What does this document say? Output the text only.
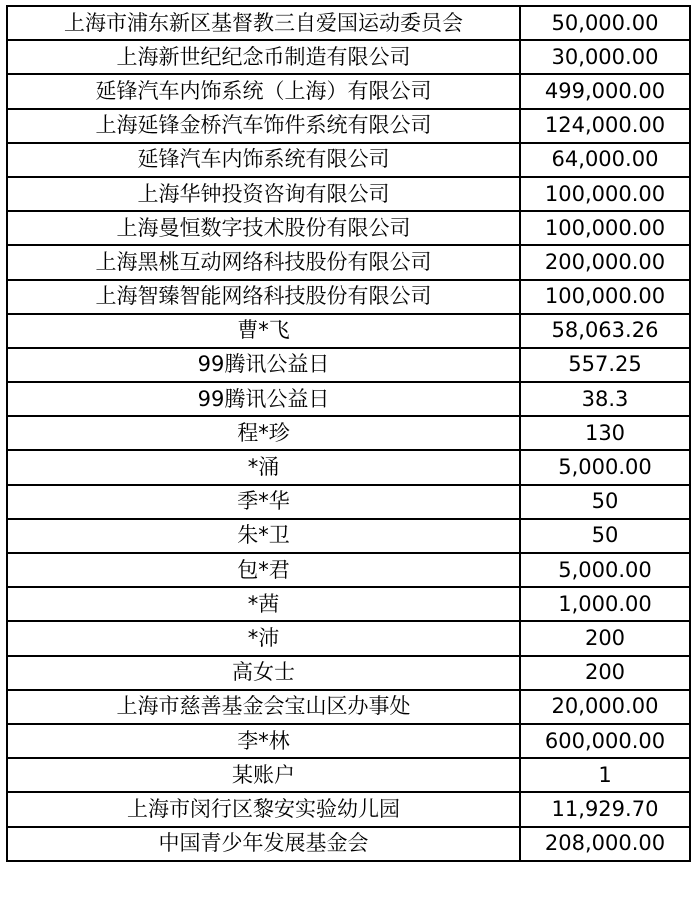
上海市浦东新区基督教三自爱国运动委员会	50,000.00
上海新世纪纪念币制造有限公司	30,000.00
延锋汽车内饰系统（上海）有限公司	499,000.00
上海延锋金桥汽车饰件系统有限公司	124,000.00
延锋汽车内饰系统有限公司	64,000.00
上海华钟投资咨询有限公司	100,000.00
上海曼恒数字技术股份有限公司	100,000.00
上海黑桃互动网络科技股份有限公司	200,000.00
上海智臻智能网络科技股份有限公司	100,000.00
曹*飞	58,063.26
99腾讯公益日	557.25
99腾讯公益日	38.3
程*珍	130
*涌	5,000.00
季*华	50
朱*卫	50
包*君	5,000.00
*茜	1,000.00
*沛	200
高女士	200
上海市慈善基金会宝山区办事处	20,000.00
李*林	600,000.00
某账户	1
上海市闵行区黎安实验幼儿园	11,929.70
中国青少年发展基金会	208,000.00
